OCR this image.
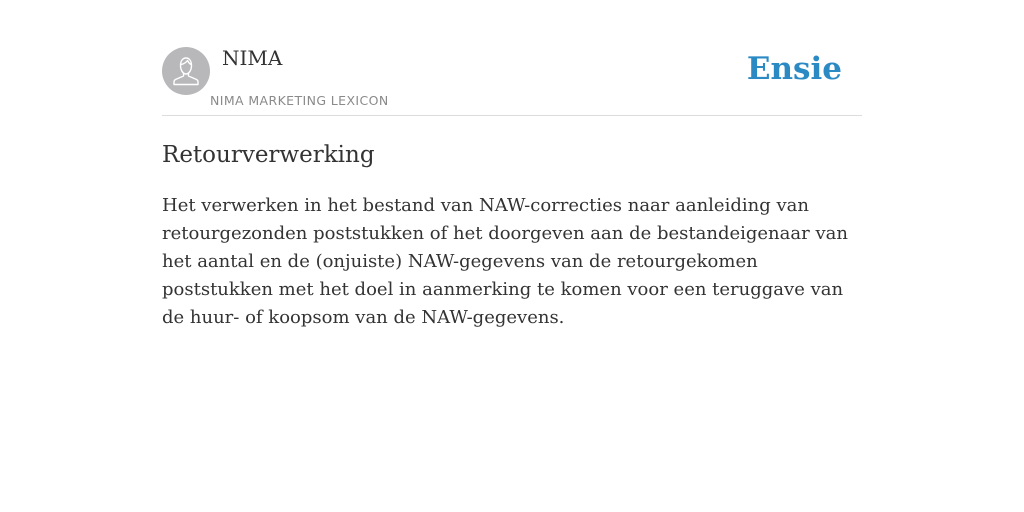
NIMA
NIMA MARKETING LEXICON
Ensie
Retourverwerking

Het verwerken in het bestand van NAW-correcties naar aanleiding van retourgezonden poststukken of het doorgeven aan de bestandeigenaar van het aantal en de (onjuiste) NAW-gegevens van de retourgekomen poststukken met het doel in aanmerking te komen voor een teruggave van de huur- of koopsom van de NAW-gegevens.
